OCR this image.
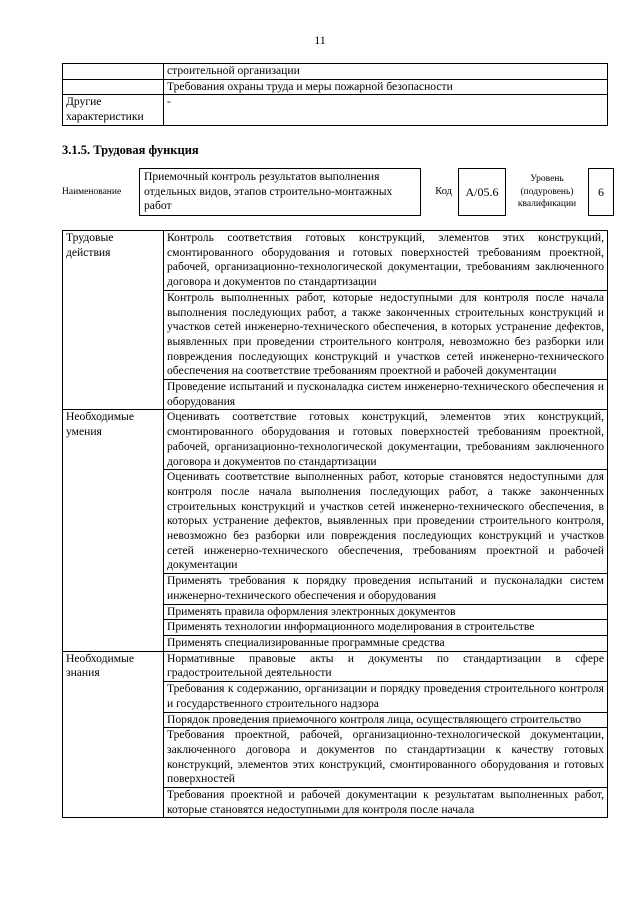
11
	строительной организации
	Требования охраны труда и меры пожарной безопасности
Другие характеристики	-
3.1.5. Трудовая функция
Наименование	Приемочный контроль результатов выполнения отдельных видов, этапов строительно-монтажных работ	Код	А/05.6	Уровень (подуровень) квалификации	6
Трудовые действия	Контроль соответствия готовых конструкций, элементов этих конструкций, смонтированного оборудования и готовых поверхностей требованиям проектной, рабочей, организационно-технологической документации, требованиям заключенного договора и документов по стандартизации
	Контроль выполненных работ, которые недоступными для контроля после начала выполнения последующих работ, а также законченных строительных конструкций и участков сетей инженерно-технического обеспечения, в которых устранение дефектов, выявленных при проведении строительного контроля, невозможно без разборки или повреждения последующих конструкций и участков сетей инженерно-технического обеспечения на соответствие требованиям проектной и рабочей документации
	Проведение испытаний и пусконаладка систем инженерно-технического обеспечения и оборудования
Необходимые умения	Оценивать соответствие готовых конструкций, элементов этих конструкций, смонтированного оборудования и готовых поверхностей требованиям проектной, рабочей, организационно-технологической документации, требованиям заключенного договора и документов по стандартизации
	Оценивать соответствие выполненных работ, которые становятся недоступными для контроля после начала выполнения последующих работ, а также законченных строительных конструкций и участков сетей инженерно-технического обеспечения, в которых устранение дефектов, выявленных при проведении строительного контроля, невозможно без разборки или повреждения последующих конструкций и участков сетей инженерно-технического обеспечения, требованиям проектной и рабочей документации
	Применять требования к порядку проведения испытаний и пусконаладки систем инженерно-технического обеспечения и оборудования
	Применять правила оформления электронных документов
	Применять технологии информационного моделирования в строительстве
	Применять специализированные программные средства
Необходимые знания	Нормативные правовые акты и документы по стандартизации в сфере градостроительной деятельности
	Требования к содержанию, организации и порядку проведения строительного контроля и государственного строительного надзора
	Порядок проведения приемочного контроля лица, осуществляющего строительство
	Требования проектной, рабочей, организационно-технологической документации, заключенного договора и документов по стандартизации к качеству готовых конструкций, элементов этих конструкций, смонтированного оборудования и готовых поверхностей
	Требования проектной и рабочей документации к результатам выполненных работ, которые становятся недоступными для контроля после начала
